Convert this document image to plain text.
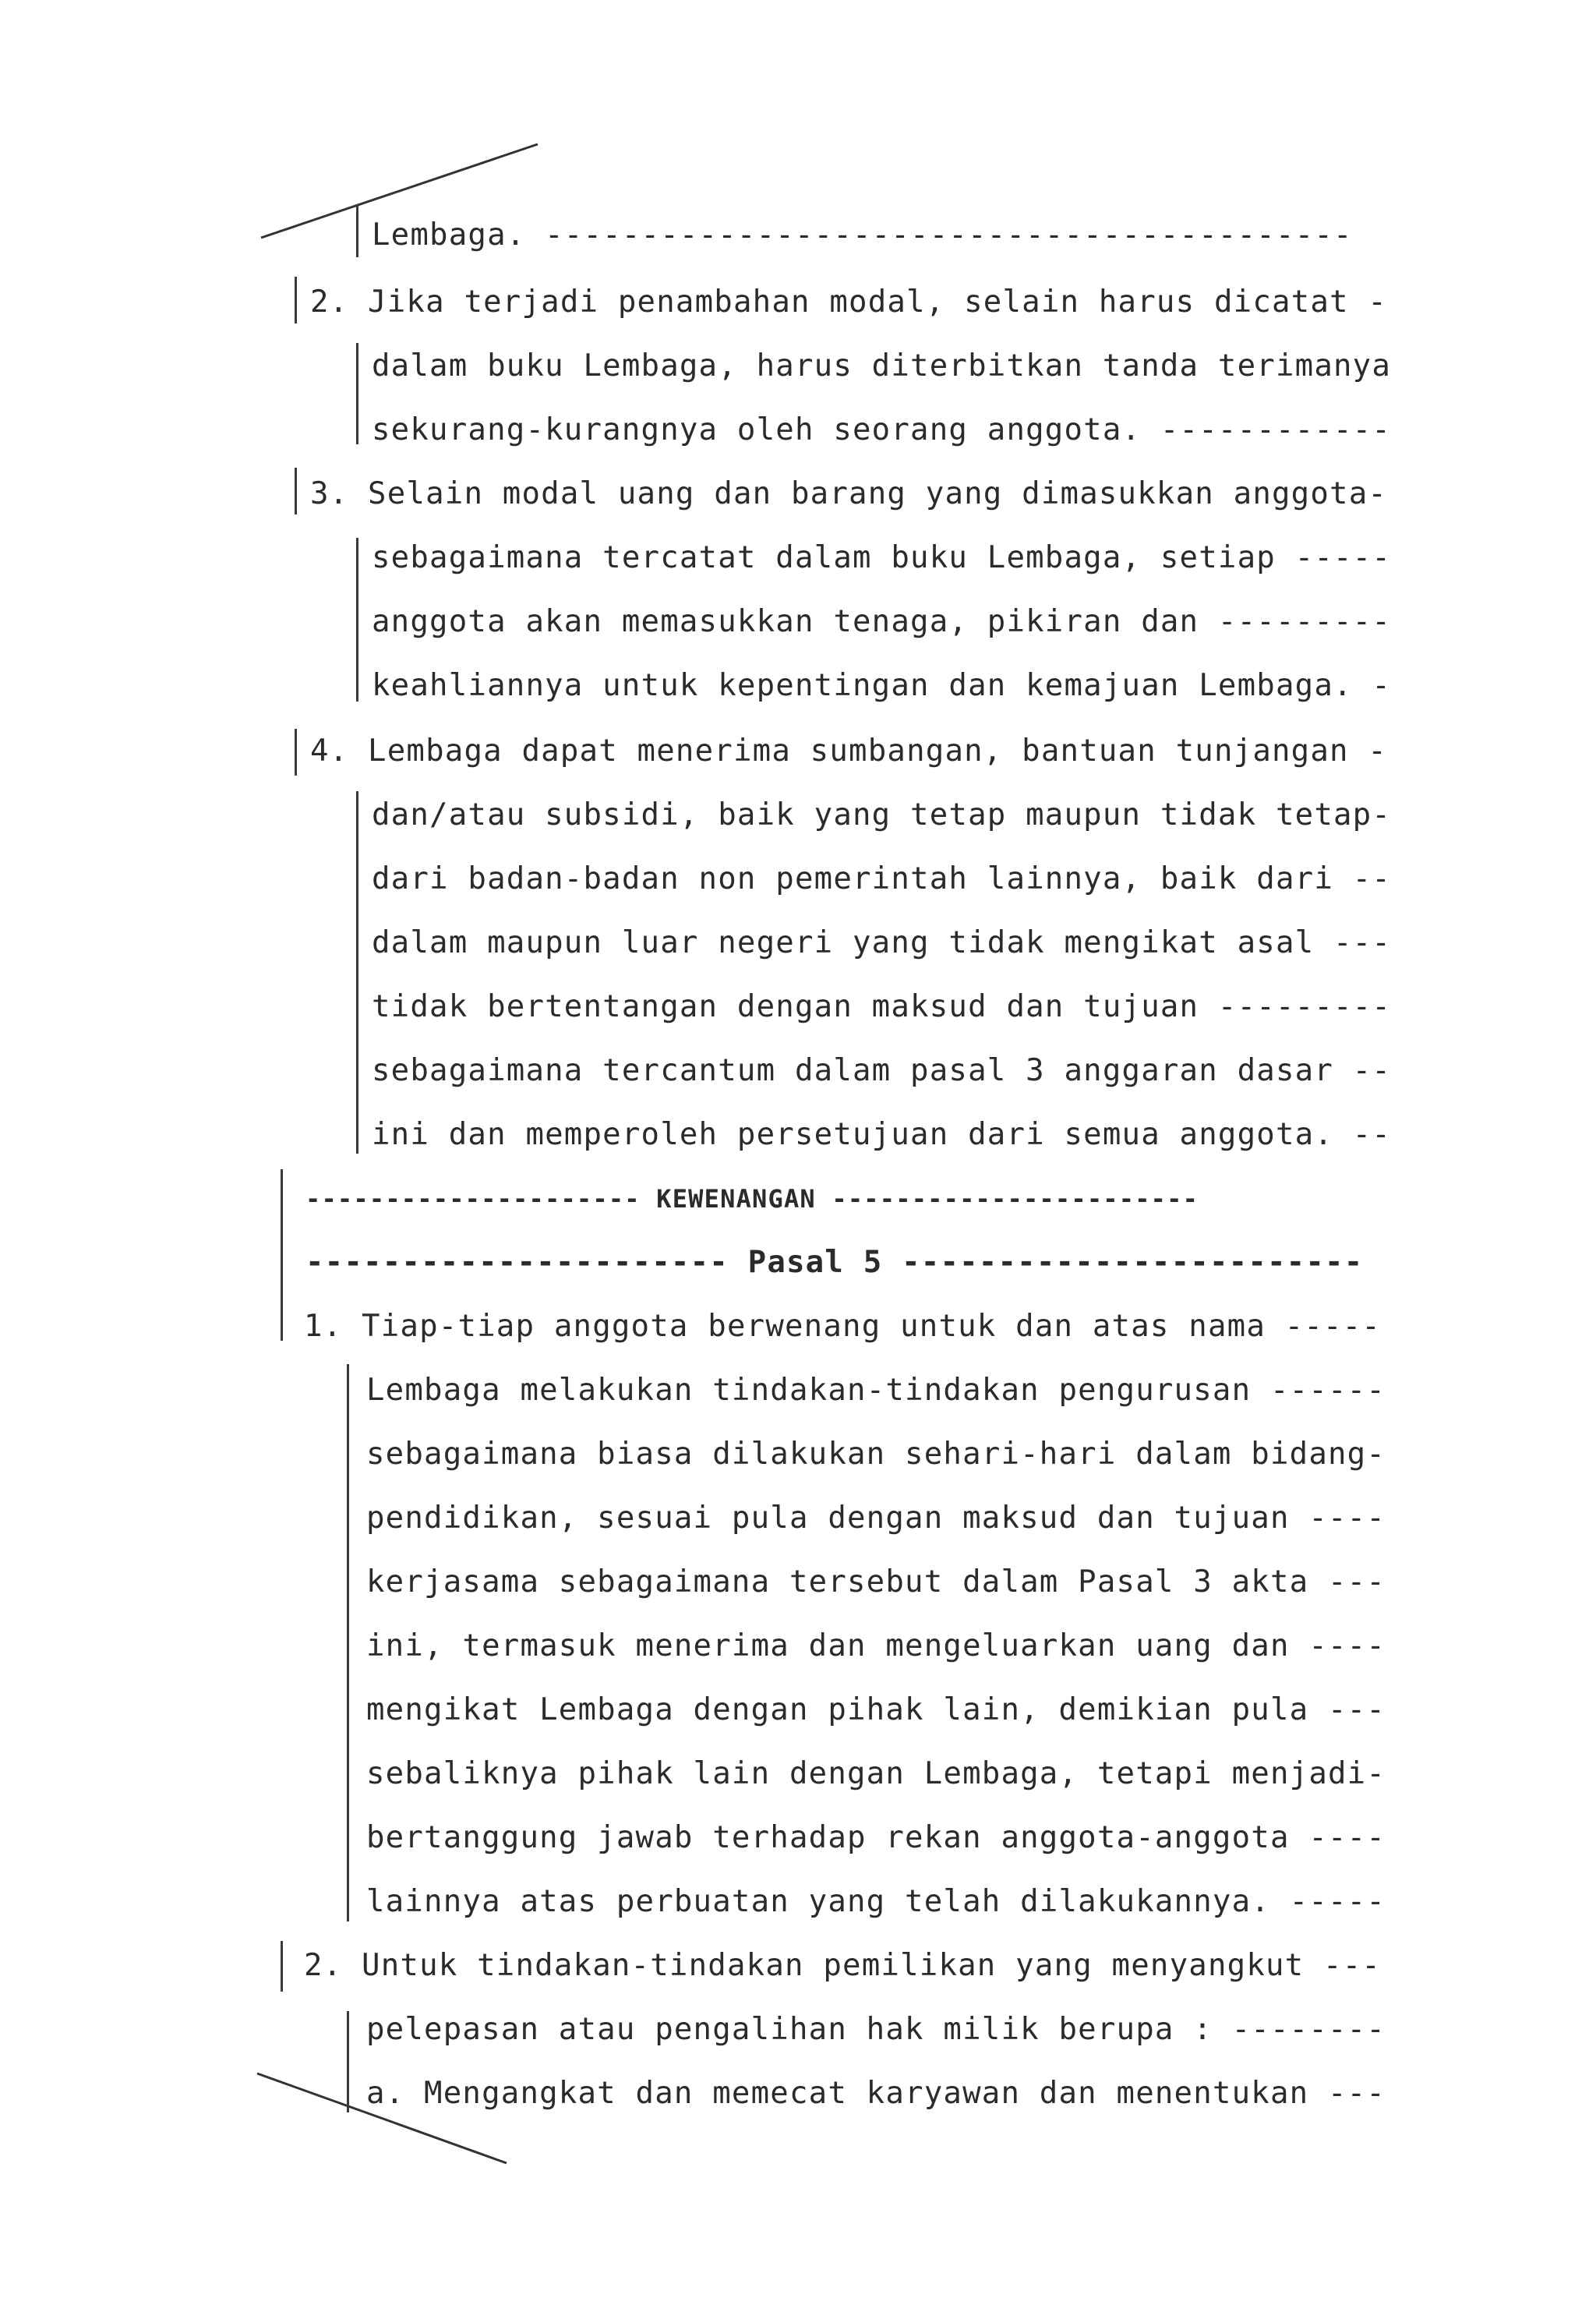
Lembaga. ------------------------------------------
2. Jika terjadi penambahan modal, selain harus dicatat -
dalam buku Lembaga, harus diterbitkan tanda terimanya
sekurang-kurangnya oleh seorang anggota. ------------
3. Selain modal uang dan barang yang dimasukkan anggota-
sebagaimana tercatat dalam buku Lembaga, setiap -----
anggota akan memasukkan tenaga, pikiran dan ---------
keahliannya untuk kepentingan dan kemajuan Lembaga. -
4. Lembaga dapat menerima sumbangan, bantuan tunjangan -
dan/atau subsidi, baik yang tetap maupun tidak tetap-
dari badan-badan non pemerintah lainnya, baik dari --
dalam maupun luar negeri yang tidak mengikat asal ---
tidak bertentangan dengan maksud dan tujuan ---------
sebagaimana tercantum dalam pasal 3 anggaran dasar --
ini dan memperoleh persetujuan dari semua anggota. --
--------------------- KEWENANGAN -----------------------
---------------------- Pasal 5 ------------------------
1. Tiap-tiap anggota berwenang untuk dan atas nama -----
Lembaga melakukan tindakan-tindakan pengurusan ------
sebagaimana biasa dilakukan sehari-hari dalam bidang-
pendidikan, sesuai pula dengan maksud dan tujuan ----
kerjasama sebagaimana tersebut dalam Pasal 3 akta ---
ini, termasuk menerima dan mengeluarkan uang dan ----
mengikat Lembaga dengan pihak lain, demikian pula ---
sebaliknya pihak lain dengan Lembaga, tetapi menjadi-
bertanggung jawab terhadap rekan anggota-anggota ----
lainnya atas perbuatan yang telah dilakukannya. -----
2. Untuk tindakan-tindakan pemilikan yang menyangkut ---
pelepasan atau pengalihan hak milik berupa : --------
a. Mengangkat dan memecat karyawan dan menentukan ---
